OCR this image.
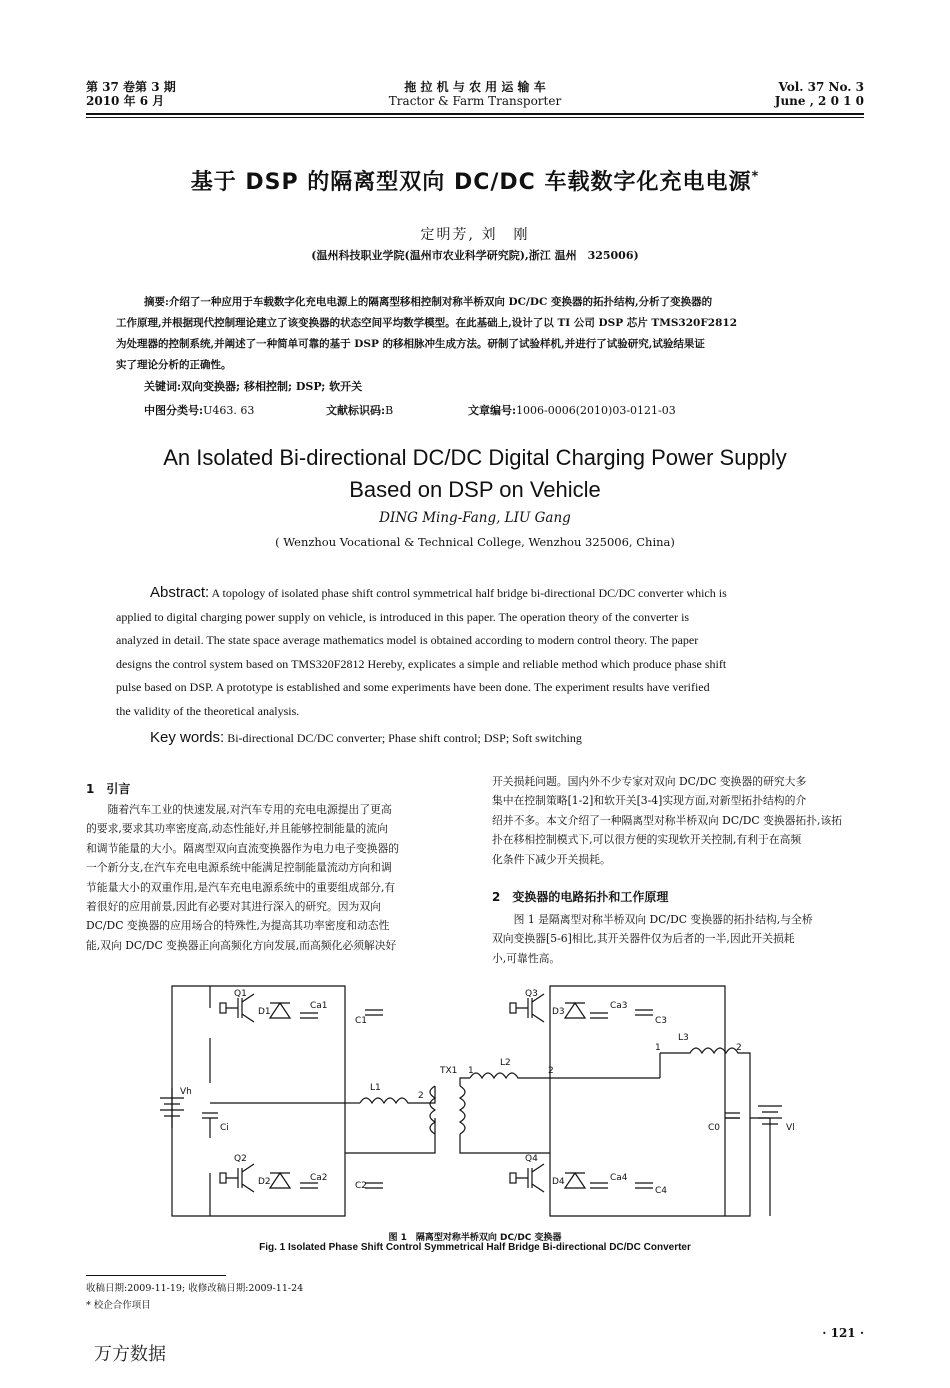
第 37 卷第 3 期
2010 年 6 月
拖 拉 机 与 农 用 运 输 车
Tractor & Farm Transporter
Vol. 37 No. 3
June , 2 0 1 0
基于 DSP 的隔离型双向 DC/DC 车载数字化充电电源*
定明芳, 刘　刚
(温州科技职业学院(温州市农业科学研究院),浙江 温州　325006)
摘要:介绍了一种应用于车载数字化充电电源上的隔离型移相控制对称半桥双向 DC/DC 变换器的拓扑结构,分析了变换器的
工作原理,并根据现代控制理论建立了该变换器的状态空间平均数学模型。在此基础上,设计了以 TI 公司 DSP 芯片 TMS320F2812
为处理器的控制系统,并阐述了一种简单可靠的基于 DSP 的移相脉冲生成方法。研制了试验样机,并进行了试验研究,试验结果证
实了理论分析的正确性。
关键词:双向变换器; 移相控制; DSP; 软开关
中图分类号:U463. 63	文献标识码:B	文章编号:1006-0006(2010)03-0121-03
An Isolated Bi-directional DC/DC Digital Charging Power Supply
Based on DSP on Vehicle
DING Ming-Fang, LIU Gang
( Wenzhou Vocational & Technical College, Wenzhou 325006, China)
Abstract: A topology of isolated phase shift control symmetrical half bridge bi-directional DC/DC converter which is
applied to digital charging power supply on vehicle, is introduced in this paper. The operation theory of the converter is
analyzed in detail. The state space average mathematics model is obtained according to modern control theory. The paper
designs the control system based on TMS320F2812 Hereby, explicates a simple and reliable method which produce phase shift
pulse based on DSP. A prototype is established and some experiments have been done. The experiment results have verified
the validity of the theoretical analysis.
Key words: Bi-directional DC/DC converter; Phase shift control; DSP; Soft switching
1　 引言
　　随着汽车工业的快速发展,对汽车专用的充电电源提出了更高
的要求,要求其功率密度高,动态性能好,并且能够控制能量的流向
和调节能量的大小。隔离型双向直流变换器作为电力电子变换器的
一个新分支,在汽车充电电源系统中能满足控制能量流动方向和调
节能量大小的双重作用,是汽车充电电源系统中的重要组成部分,有
着很好的应用前景,因此有必要对其进行深入的研究。因为双向
DC/DC 变换器的应用场合的特殊性,为提高其功率密度和动态性
能,双向 DC/DC 变换器正向高频化方向发展,而高频化必须解决好
开关损耗问题。国内外不少专家对双向 DC/DC 变换器的研究大多
集中在控制策略[1-2]和软开关[3-4]实现方面,对新型拓扑结构的介
绍并不多。本文介绍了一种隔离型对称半桥双向 DC/DC 变换器拓扑,该拓
扑在移相控制模式下,可以很方便的实现软开关控制,有利于在高频
化条件下减少开关损耗。
2　 变换器的电路拓扑和工作原理
　　图 1 是隔离型对称半桥双向 DC/DC 变换器的拓扑结构,与全桥
双向变换器[5-6]相比,其开关器件仅为后者的一半,因此开关损耗
小,可靠性高。
Q1
Q2
Q3
Q4
D1
D2
D3
D4
Ca1
Ca2
Ca3
Ca4
C1
C2
C3
C4
L1
L2
L3
TX1
Vh
Ci	C0	Vl
2
1	2
1	2
图 1　隔离型对称半桥双向 DC/DC 变换器
Fig. 1 Isolated Phase Shift Control Symmetrical Half Bridge Bi-directional DC/DC Converter
收稿日期:2009-11-19; 收修改稿日期:2009-11-24
* 校企合作项目
· 121 ·
万方数据
